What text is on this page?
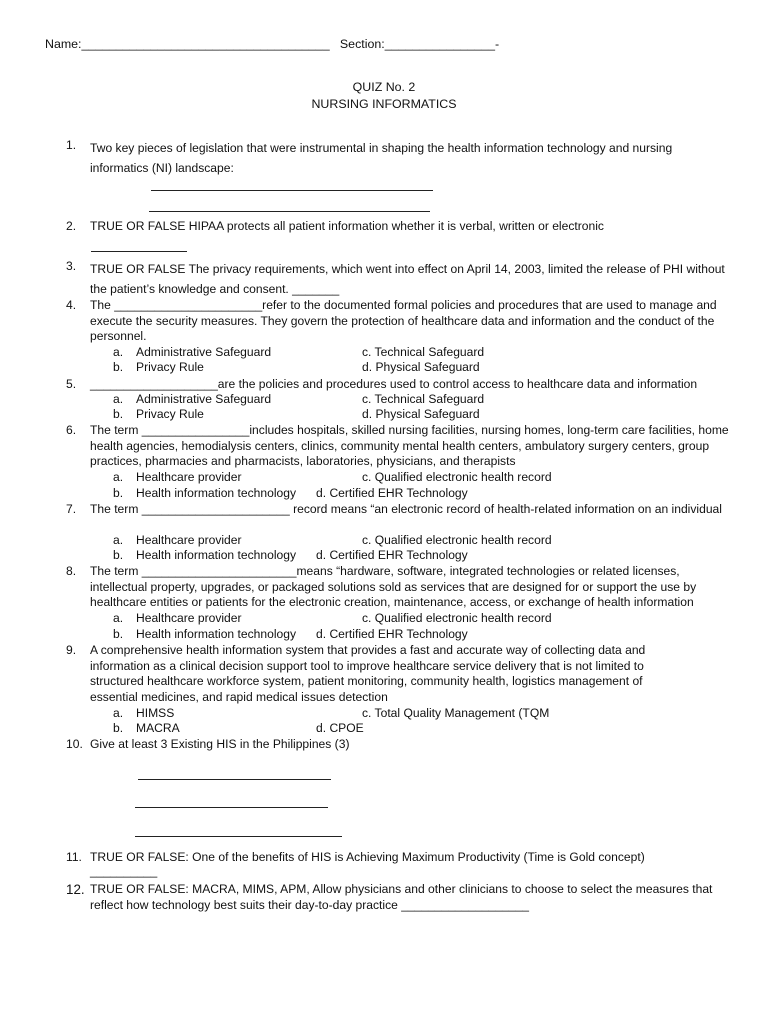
Name:____________________________________ Section:________________-
QUIZ No. 2
NURSING INFORMATICS
1.	Two key pieces of legislation that were instrumental in shaping the health information technology and nursing informatics (NI) landscape:
2.	TRUE OR FALSE HIPAA protects all patient information whether it is verbal, written or electronic
3.	TRUE OR FALSE The privacy requirements, which went into effect on April 14, 2003, limited the release of PHI without the patient’s knowledge and consent. _______
4.	The ______________________refer to the documented formal policies and procedures that are used to manage and execute the security measures. They govern the protection of healthcare data and information and the conduct of the personnel.
a.	Administrative Safeguard	c. Technical Safeguard
b.	Privacy Rule	d. Physical Safeguard
5.	___________________are the policies and procedures used to control access to healthcare data and information
a.	Administrative Safeguard	c. Technical Safeguard
b.	Privacy Rule	d. Physical Safeguard
6.	The term ________________includes hospitals, skilled nursing facilities, nursing homes, long-term care facilities, home health agencies, hemodialysis centers, clinics, community mental health centers, ambulatory surgery centers, group practices, pharmacies and pharmacists, laboratories, physicians, and therapists
a.	Healthcare provider	c. Qualified electronic health record
b.	Health information technology d. Certified EHR Technology
7.	The term ______________________ record means “an electronic record of health-related information on an individual
a.	Healthcare provider	c. Qualified electronic health record
b.	Health information technology d. Certified EHR Technology
8.	The term _______________________means “hardware, software, integrated technologies or related licenses, intellectual property, upgrades, or packaged solutions sold as services that are designed for or support the use by healthcare entities or patients for the electronic creation, maintenance, access, or exchange of health information
a.	Healthcare provider	c. Qualified electronic health record
b.	Health information technology d. Certified EHR Technology
9.	A comprehensive health information system that provides a fast and accurate way of collecting data and information as a clinical decision support tool to improve healthcare service delivery that is not limited to structured healthcare workforce system, patient monitoring, community health, logistics management of essential medicines, and rapid medical issues detection
a.	HIMSS	c. Total Quality Management (TQM
b.	MACRA	d. CPOE
10. Give at least 3 Existing HIS in the Philippines (3)
11. TRUE OR FALSE: One of the benefits of HIS is Achieving Maximum Productivity (Time is Gold concept)
__________
12. TRUE OR FALSE: MACRA, MIMS, APM, Allow physicians and other clinicians to choose to select the measures that reflect how technology best suits their day-to-day practice ___________________
